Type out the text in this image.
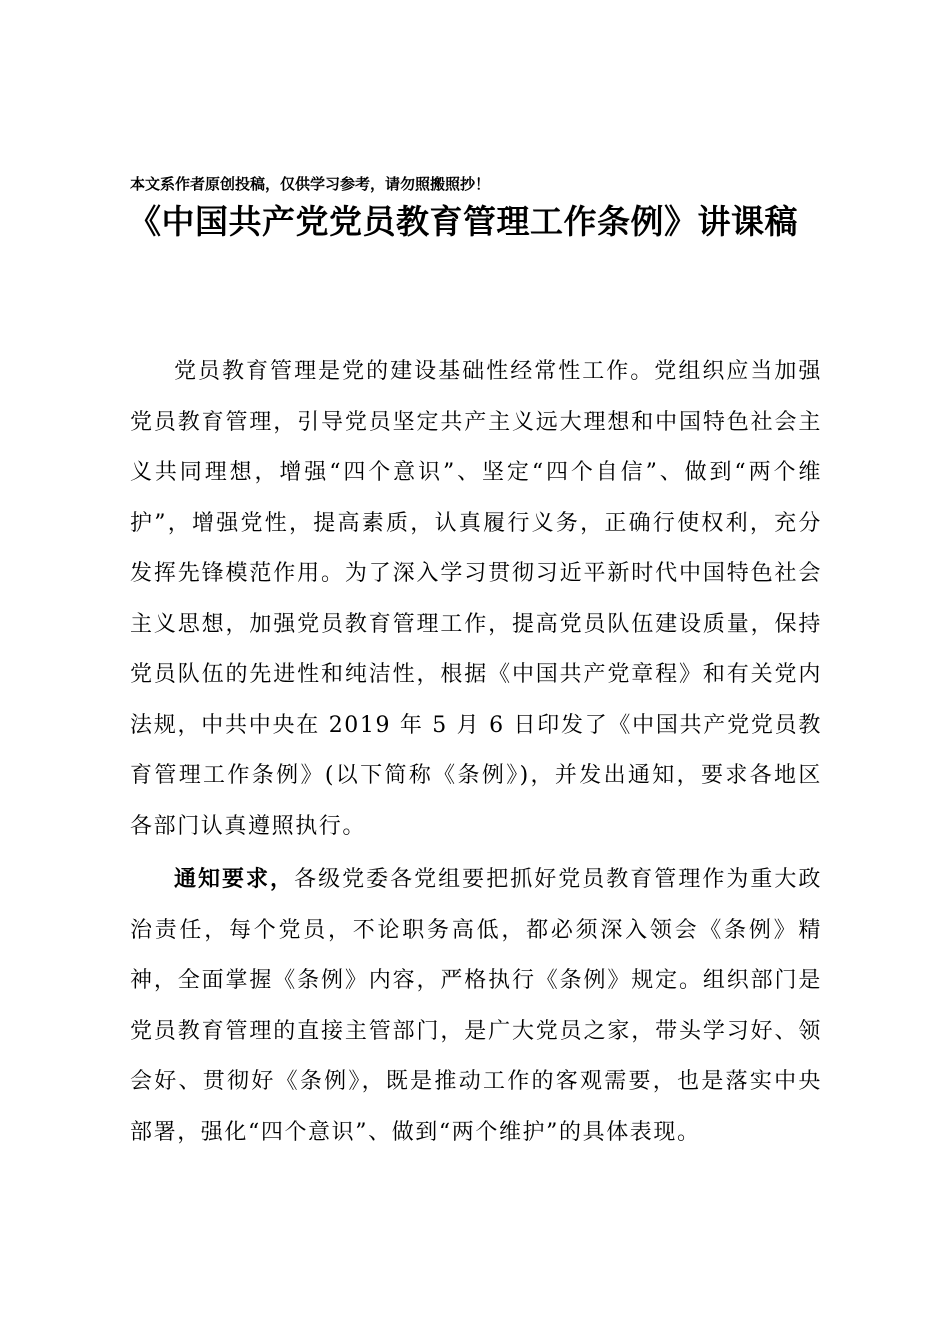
本文系作者原创投稿，仅供学习参考，请勿照搬照抄！
《中国共产党党员教育管理工作条例》讲课稿

党员教育管理是党的建设基础性经常性工作。党组织应当加强党员教育管理，引导党员坚定共产主义远大理想和中国特色社会主义共同理想，增强“四个意识”、坚定“四个自信”、做到“两个维护”，增强党性，提高素质，认真履行义务，正确行使权利，充分发挥先锋模范作用。为了深入学习贯彻习近平新时代中国特色社会主义思想，加强党员教育管理工作，提高党员队伍建设质量，保持党员队伍的先进性和纯洁性，根据《中国共产党章程》和有关党内法规，中共中央在 2019 年 5 月 6 日印发了《中国共产党党员教育管理工作条例》(以下简称《条例》)，并发出通知，要求各地区各部门认真遵照执行。

通知要求，各级党委各党组要把抓好党员教育管理作为重大政治责任，每个党员，不论职务高低，都必须深入领会《条例》精神，全面掌握《条例》内容，严格执行《条例》规定。组织部门是党员教育管理的直接主管部门，是广大党员之家，带头学习好、领会好、贯彻好《条例》，既是推动工作的客观需要，也是落实中央部署，强化“四个意识”、做到“两个维护”的具体表现。
